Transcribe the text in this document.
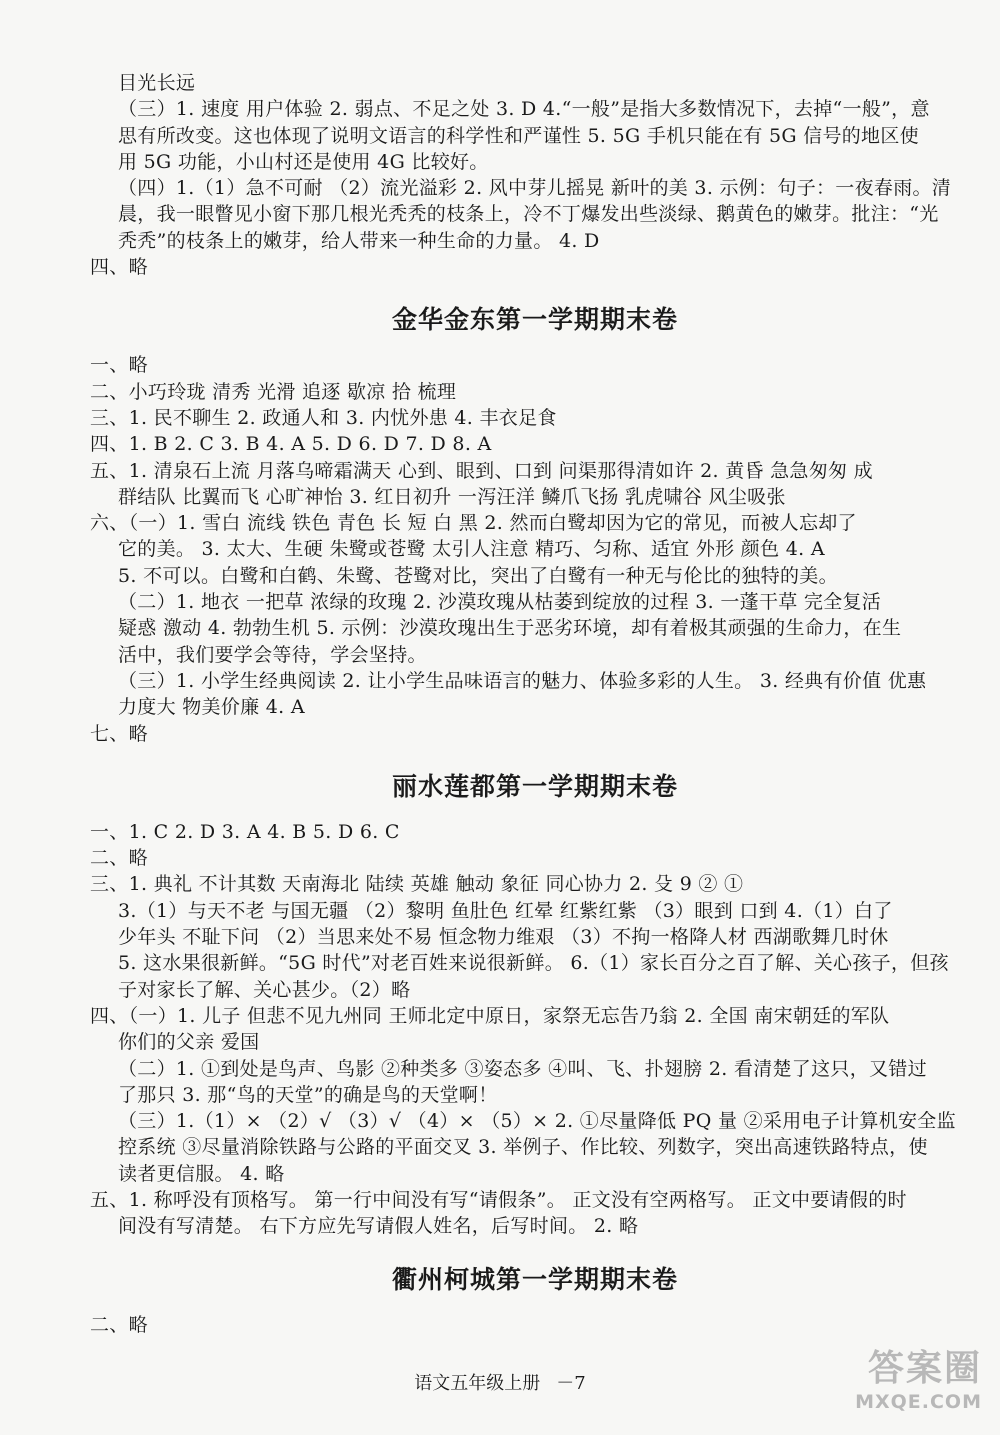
目光长远
（三）1. 速度 用户体验 2. 弱点、不足之处 3. D 4.“一般”是指大多数情况下，去掉“一般”，意
思有所改变。这也体现了说明文语言的科学性和严谨性 5. 5G 手机只能在有 5G 信号的地区使
用 5G 功能，小山村还是使用 4G 比较好。
（四）1.（1）急不可耐 （2）流光溢彩 2. 风中芽儿摇晃 新叶的美 3. 示例：句子：一夜春雨。清
晨，我一眼瞥见小窗下那几根光秃秃的枝条上，冷不丁爆发出些淡绿、鹅黄色的嫩芽。批注：“光
秃秃”的枝条上的嫩芽，给人带来一种生命的力量。 4. D
四、略
金华金东第一学期期末卷
一、略
二、小巧玲珑 清秀 光滑 追逐 歇凉 拾 梳理
三、1. 民不聊生 2. 政通人和 3. 内忧外患 4. 丰衣足食
四、1. B 2. C 3. B 4. A 5. D 6. D 7. D 8. A
五、1. 清泉石上流 月落乌啼霜满天 心到、眼到、口到 问渠那得清如许 2. 黄昏 急急匆匆 成
群结队 比翼而飞 心旷神怡 3. 红日初升 一泻汪洋 鳞爪飞扬 乳虎啸谷 风尘吸张
六、（一）1. 雪白 流线 铁色 青色 长 短 白 黑 2. 然而白鹭却因为它的常见，而被人忘却了
它的美。 3. 太大、生硬 朱鹭或苍鹭 太引人注意 精巧、匀称、适宜 外形 颜色 4. A
5. 不可以。白鹭和白鹤、朱鹭、苍鹭对比，突出了白鹭有一种无与伦比的独特的美。
（二）1. 地衣 一把草 浓绿的玫瑰 2. 沙漠玫瑰从枯萎到绽放的过程 3. 一蓬干草 完全复活
疑惑 激动 4. 勃勃生机 5. 示例：沙漠玫瑰出生于恶劣环境，却有着极其顽强的生命力，在生
活中，我们要学会等待，学会坚持。
（三）1. 小学生经典阅读 2. 让小学生品味语言的魅力、体验多彩的人生。 3. 经典有价值 优惠
力度大 物美价廉 4. A
七、略
丽水莲都第一学期期末卷
一、1. C 2. D 3. A 4. B 5. D 6. C
二、略
三、1. 典礼 不计其数 天南海北 陆续 英雄 触动 象征 同心协力 2. 殳 9 ② ①
3.（1）与天不老 与国无疆 （2）黎明 鱼肚色 红晕 红紫红紫 （3）眼到 口到 4.（1）白了
少年头 不耻下问 （2）当思来处不易 恒念物力维艰 （3）不拘一格降人材 西湖歌舞几时休
5. 这水果很新鲜。“5G 时代”对老百姓来说很新鲜。 6.（1）家长百分之百了解、关心孩子，但孩
子对家长了解、关心甚少。（2）略
四、（一）1. 儿子 但悲不见九州同 王师北定中原日，家祭无忘告乃翁 2. 全国 南宋朝廷的军队
你们的父亲 爱国
（二）1. ①到处是鸟声、鸟影 ②种类多 ③姿态多 ④叫、飞、扑翅膀 2. 看清楚了这只，又错过
了那只 3. 那“鸟的天堂”的确是鸟的天堂啊！
（三）1.（1）× （2）√ （3）√ （4）× （5）× 2. ①尽量降低 PQ 量 ②采用电子计算机安全监
控系统 ③尽量消除铁路与公路的平面交叉 3. 举例子、作比较、列数字，突出高速铁路特点，使
读者更信服。 4. 略
五、1. 称呼没有顶格写。 第一行中间没有写“请假条”。 正文没有空两格写。 正文中要请假的时
间没有写清楚。 右下方应先写请假人姓名，后写时间。 2. 略
衢州柯城第一学期期末卷
二、略
语文五年级上册 －7	答案圈
MXQE.COM
